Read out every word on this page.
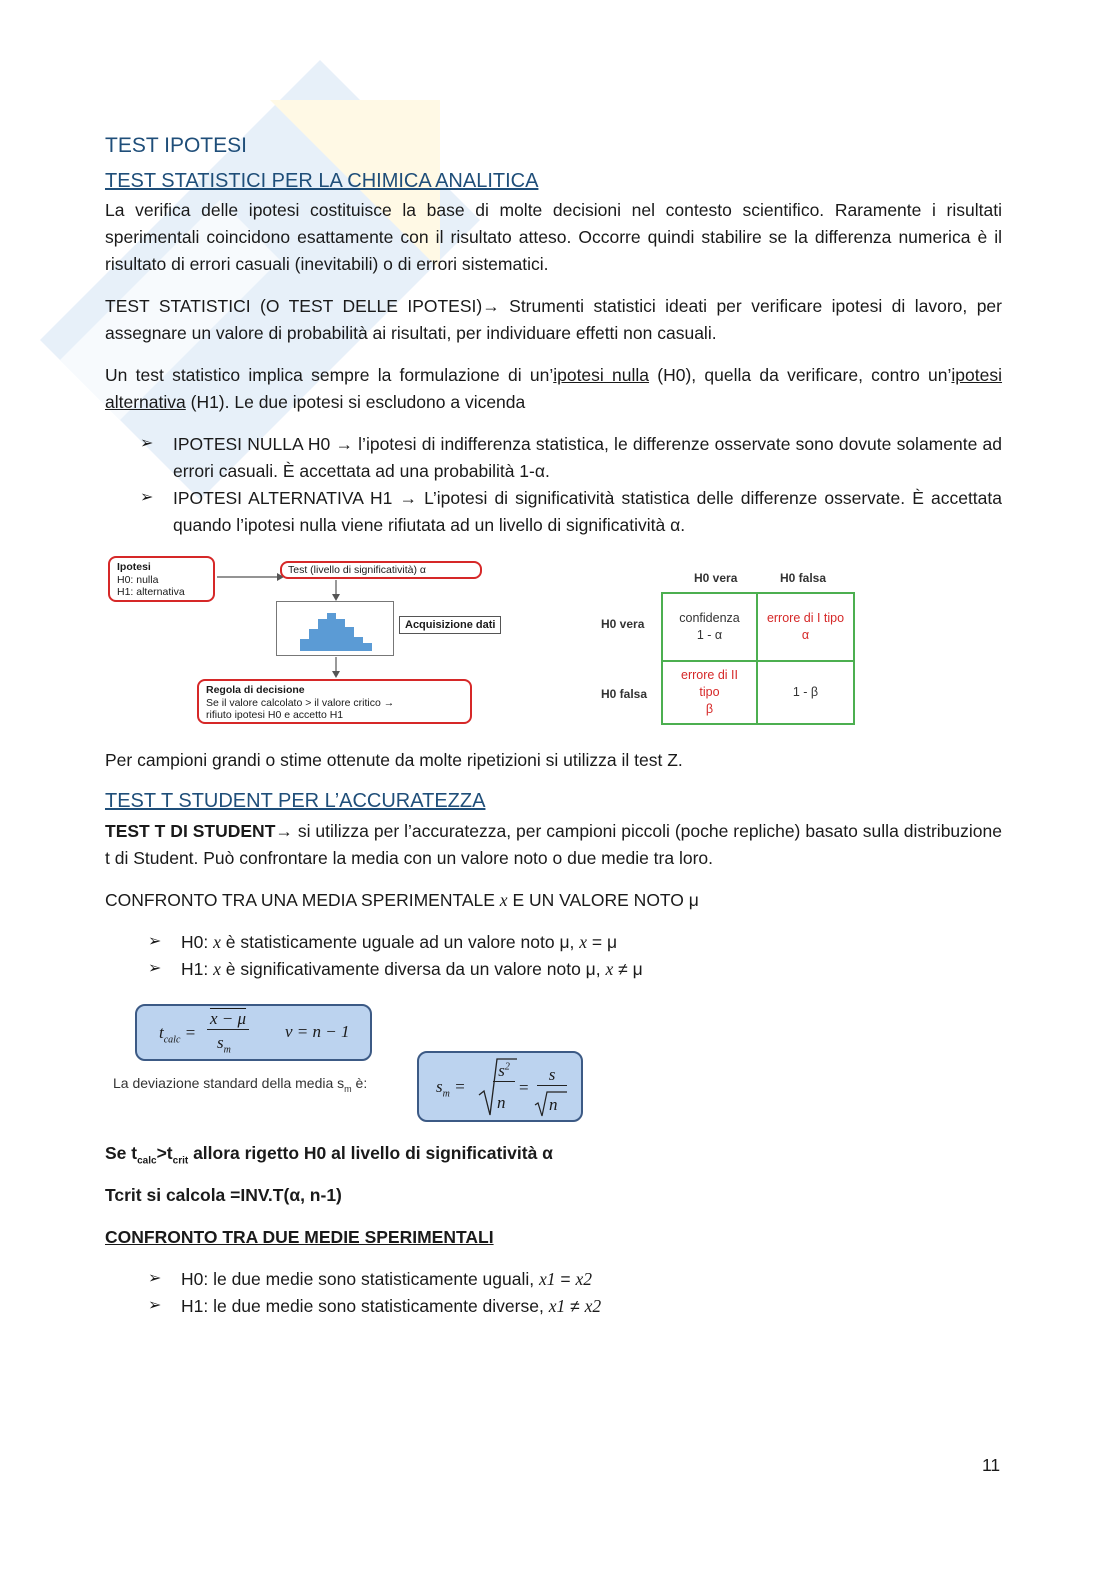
TEST IPOTESI
TEST STATISTICI PER LA CHIMICA ANALITICA
La verifica delle ipotesi costituisce la base di molte decisioni nel contesto scientifico. Raramente i risultati sperimentali coincidono esattamente con il risultato atteso. Occorre quindi stabilire se la differenza numerica è il risultato di errori casuali (inevitabili) o di errori sistematici.
TEST STATISTICI (O TEST DELLE IPOTESI)→ Strumenti statistici ideati per verificare ipotesi di lavoro, per assegnare un valore di probabilità ai risultati, per individuare effetti non casuali.
Un test statistico implica sempre la formulazione di un’ipotesi nulla (H0), quella da verificare, contro un’ipotesi alternativa (H1). Le due ipotesi si escludono a vicenda
➢ IPOTESI NULLA H0 → l’ipotesi di indifferenza statistica, le differenze osservate sono dovute solamente ad errori casuali. È accettata ad una probabilità 1-α.
➢ IPOTESI ALTERNATIVA H1 → L’ipotesi di significatività statistica delle differenze osservate. È accettata quando l’ipotesi nulla viene rifiutata ad un livello di significatività α.
Ipotesi
H0: nulla
H1: alternativa
Test (livello di significatività) α
Acquisizione dati
Regola di decisione
Se il valore calcolato > il valore critico →
rifiuto ipotesi H0 e accetto H1
H0 vera	H0 falsa
H0 vera
H0 falsa
confidenza
1 - α
errore di I tipo
α
errore di II
tipo
β
1 - β
Per campioni grandi o stime ottenute da molte ripetizioni si utilizza il test Z.
TEST T STUDENT PER L’ACCURATEZZA
TEST T DI STUDENT→ si utilizza per l’accuratezza, per campioni piccoli (poche repliche) basato sulla distribuzione t di Student. Può confrontare la media con un valore noto o due medie tra loro.
CONFRONTO TRA UNA MEDIA SPERIMENTALE x E UN VALORE NOTO μ
➢ H0: x è statisticamente uguale ad un valore noto μ, x = μ
➢ H1: x è significativamente diversa da un valore noto μ, x ≠ μ
$t_{calc}$ =
x − μ
$s_m$
ν = n − 1
La deviazione standard della media $s_m$ è:	$s_m$ =
$s^2$
n
=
s
n
Se $t_{calc}>t_{crit}$ allora rigetto H0 al livello di significatività α
Tcrit si calcola =INV.T(α, n-1)
CONFRONTO TRA DUE MEDIE SPERIMENTALI
➢ H0: le due medie sono statisticamente uguali, x1 = x2
➢ H1: le due medie sono statisticamente diverse, x1 ≠ x2
11
